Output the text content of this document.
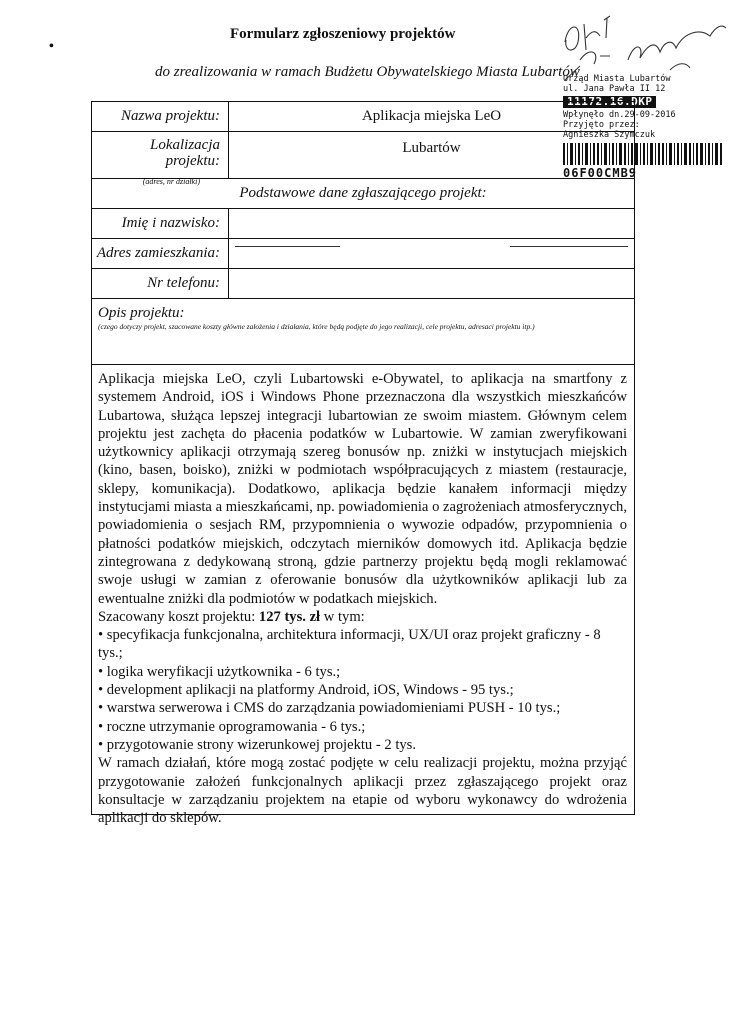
•
Formularz zgłoszeniowy projektów
do zrealizowania w ramach Budżetu Obywatelskiego Miasta Lubartów
Urząd Miasta Lubartów
ul. Jana Pawła II 12
11172.16.DKP
Wpłynęło dn.29-09-2016
Przyjęto przez:
Agnieszka Szymczuk
06F00CMB9
Nazwa projektu:	Aplikacja miejska LeO
Lokalizacja projektu:
(adres, nr działki)
Lubartów
Podstawowe dane zgłaszającego projekt:
Imię i nazwisko:
Adres zamieszkania:
Nr telefonu:
Opis projektu:
(czego dotyczy projekt, szacowane koszty główne założenia i działania, które będą podjęte do jego realizacji, cele projektu, adresaci projektu itp.)

Aplikacja miejska LeO, czyli Lubartowski e-Obywatel, to aplikacja na smartfony z systemem Android, iOS i Windows Phone przeznaczona dla wszystkich mieszkańców Lubartowa, służąca lepszej integracji lubartowian ze swoim miastem. Głównym celem projektu jest zachęta do płacenia podatków w Lubartowie. W zamian zweryfikowani użytkownicy aplikacji otrzymają szereg bonusów np. zniżki w instytucjach miejskich (kino, basen, boisko), zniżki w podmiotach współpracujących z miastem (restauracje, sklepy, komunikacja). Dodatkowo, aplikacja będzie kanałem informacji między instytucjami miasta a mieszkańcami, np. powiadomienia o zagrożeniach atmosferycznych, powiadomienia o sesjach RM, przypomnienia o wywozie odpadów, przypomnienia o płatności podatków miejskich, odczytach mierników domowych itd. Aplikacja będzie zintegrowana z dedykowaną stroną, gdzie partnerzy projektu będą mogli reklamować swoje usługi w zamian z oferowanie bonusów dla użytkowników aplikacji lub za ewentualne zniżki dla podmiotów w podatkach miejskich.

Szacowany koszt projektu: 127 tys. zł w tym:

• specyfikacja funkcjonalna, architektura informacji, UX/UI oraz projekt graficzny - 8 tys.;
• logika weryfikacji użytkownika - 6 tys.;
• development aplikacji na platformy Android, iOS, Windows - 95 tys.;
• warstwa serwerowa i CMS do zarządzania powiadomieniami PUSH - 10 tys.;
• roczne utrzymanie oprogramowania - 6 tys.;
• przygotowanie strony wizerunkowej projektu - 2 tys.

W ramach działań, które mogą zostać podjęte w celu realizacji projektu, można przyjąć przygotowanie założeń funkcjonalnych aplikacji przez zgłaszającego projekt oraz konsultacje w zarządzaniu projektem na etapie od wyboru wykonawcy do wdrożenia aplikacji do sklepów.
